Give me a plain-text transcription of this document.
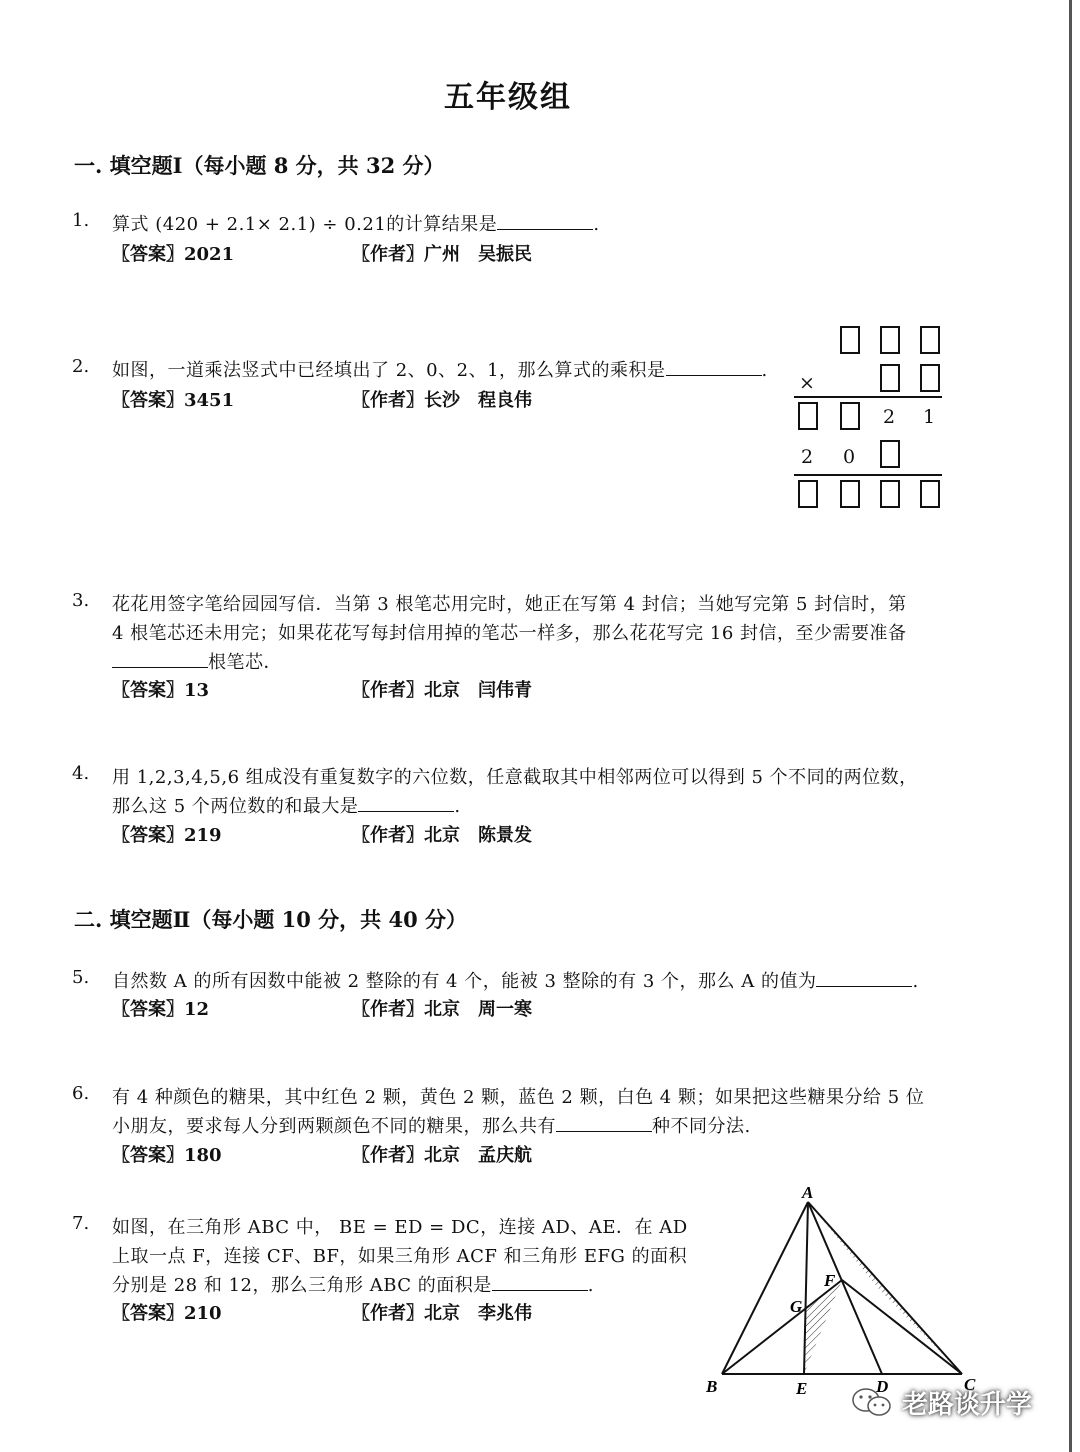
五年级组
一. 填空题Ⅰ（每小题 8 分，共 32 分）
1. 算式 (420 + 2.1× 2.1) ÷ 0.21的计算结果是	.
〖答案〗2021	〖作者〗广州 吴振民
2. 如图，一道乘法竖式中已经填出了 2、0、2、1，那么算式的乘积是	.
〖答案〗3451	〖作者〗长沙 程良伟
×
2 1
2 0
3. 花花用签字笔给园园写信．当第 3 根笔芯用完时，她正在写第 4 封信；当她写完第 5 封信时，第
4 根笔芯还未用完；如果花花写每封信用掉的笔芯一样多，那么花花写完 16 封信，至少需要准备
根笔芯．
〖答案〗13	〖作者〗北京 闫伟青
4. 用 1,2,3,4,5,6 组成没有重复数字的六位数，任意截取其中相邻两位可以得到 5 个不同的两位数，
那么这 5 个两位数的和最大是	.
〖答案〗219	〖作者〗北京 陈景发
二. 填空题Ⅱ（每小题 10 分，共 40 分）
5. 自然数 A 的所有因数中能被 2 整除的有 4 个，能被 3 整除的有 3 个，那么 A 的值为	.
〖答案〗12	〖作者〗北京 周一寒
6. 有 4 种颜色的糖果，其中红色 2 颗，黄色 2 颗，蓝色 2 颗，白色 4 颗；如果把这些糖果分给 5 位
小朋友，要求每人分到两颗颜色不同的糖果，那么共有	种不同分法.
〖答案〗180	〖作者〗北京 孟庆航
7. 如图，在三角形 ABC 中， BE = ED = DC，连接 AD、AE．在 AD
上取一点 F，连接 CF、BF，如果三角形 ACF 和三角形 EFG 的面积
分别是 28 和 12，那么三角形 ABC 的面积是	.
〖答案〗210	〖作者〗北京 李兆伟
A
B	C
D
E
F
G
老路谈升学
